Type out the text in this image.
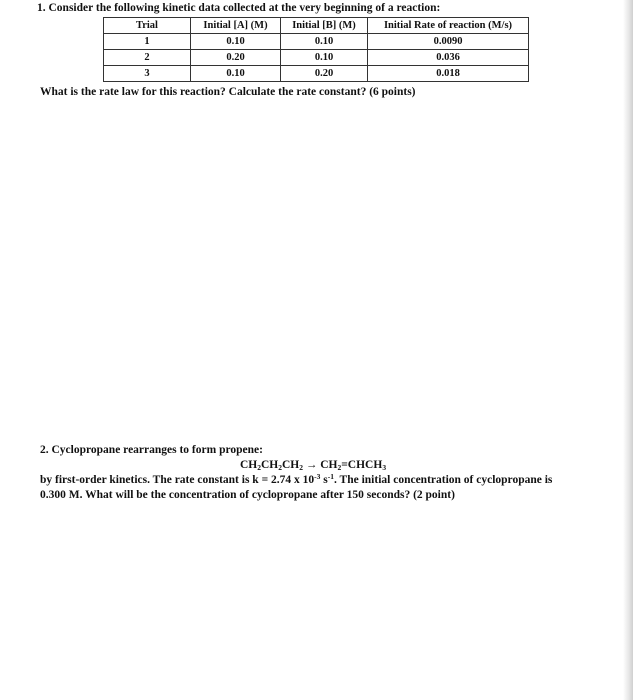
1. Consider the following kinetic data collected at the very beginning of a reaction:
Trial	Initial [A] (M)	Initial [B] (M)	Initial Rate of reaction (M/s)
1	0.10	0.10	0.0090
2	0.20	0.10	0.036
3	0.10	0.20	0.018
What is the rate law for this reaction? Calculate the rate constant? (6 points)
2. Cyclopropane rearranges to form propene:
$CH_2CH_2CH_2$ → $CH_2=CHCH_3$
by first-order kinetics. The rate constant is k = 2.74 x $10^{-3}$ $s^{-1}$. The initial concentration of cyclopropane is
0.300 M. What will be the concentration of cyclopropane after 150 seconds? (2 point)
